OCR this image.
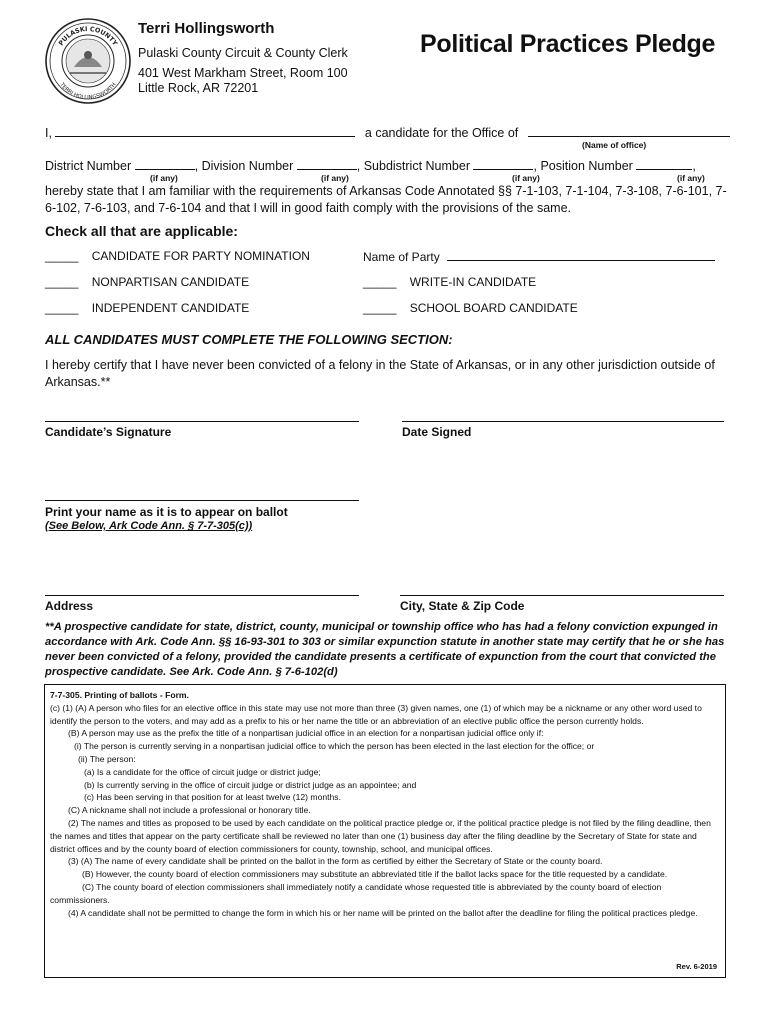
PULASKI COUNTY
TERRI HOLLINGSWORTH
Terri Hollingsworth
Pulaski County Circuit & County Clerk
401 West Markham Street, Room 100
Little Rock, AR 72201
Political Practices Pledge
I,	a candidate for the Office of
(Name of office)
District Number	, Division Number	, Subdistrict Number	, Position Number	,
(if any)	(if any)	(if any)	(if any)
hereby state that I am familiar with the requirements of Arkansas Code Annotated §§ 7-1-103, 7-1-104, 7-3-108, 7-6-101, 7-6-102, 7-6-103, and 7-6-104 and that I will in good faith comply with the provisions of the same.
Check all that are applicable:
_____ CANDIDATE FOR PARTY NOMINATION	Name of Party
_____ NONPARTISAN CANDIDATE	_____ WRITE-IN CANDIDATE
_____ INDEPENDENT CANDIDATE	_____ SCHOOL BOARD CANDIDATE
ALL CANDIDATES MUST COMPLETE THE FOLLOWING SECTION:
I hereby certify that I have never been convicted of a felony in the State of Arkansas, or in any other jurisdiction outside of Arkansas.**
Candidate’s Signature	Date Signed
Print your name as it is to appear on ballot
(See Below, Ark Code Ann. § 7-7-305(c))
Address	City, State & Zip Code
**A prospective candidate for state, district, county, municipal or township office who has had a felony conviction expunged in accordance with Ark. Code Ann. §§ 16-93-301 to 303 or similar expunction statute in another state may certify that he or she has never been convicted of a felony, provided the candidate presents a certificate of expunction from the court that convicted the prospective candidate. See Ark. Code Ann. § 7-6-102(d)
7-7-305. Printing of ballots - Form.
(c) (1) (A) A person who files for an elective office in this state may use not more than three (3) given names, one (1) of which may be a nickname or any other word used to identify the person to the voters, and may add as a prefix to his or her name the title or an abbreviation of an elective public office the person currently holds.
(B) A person may use as the prefix the title of a nonpartisan judicial office in an election for a nonpartisan judicial office only if:
(i) The person is currently serving in a nonpartisan judicial office to which the person has been elected in the last election for the office; or
(ii) The person:
(a) Is a candidate for the office of circuit judge or district judge;
(b) Is currently serving in the office of circuit judge or district judge as an appointee; and
(c) Has been serving in that position for at least twelve (12) months.
(C) A nickname shall not include a professional or honorary title.
(2) The names and titles as proposed to be used by each candidate on the political practice pledge or, if the political practice pledge is not filed by the filing deadline, then the names and titles that appear on the party certificate shall be reviewed no later than one (1) business day after the filing deadline by the Secretary of State for state and district offices and by the county board of election commissioners for county, township, school, and municipal offices.
(3) (A) The name of every candidate shall be printed on the ballot in the form as certified by either the Secretary of State or the county board.
(B) However, the county board of election commissioners may substitute an abbreviated title if the ballot lacks space for the title requested by a candidate.
(C) The county board of election commissioners shall immediately notify a candidate whose requested title is abbreviated by the county board of election commissioners.
(4) A candidate shall not be permitted to change the form in which his or her name will be printed on the ballot after the deadline for filing the political practices pledge.
Rev. 6-2019
